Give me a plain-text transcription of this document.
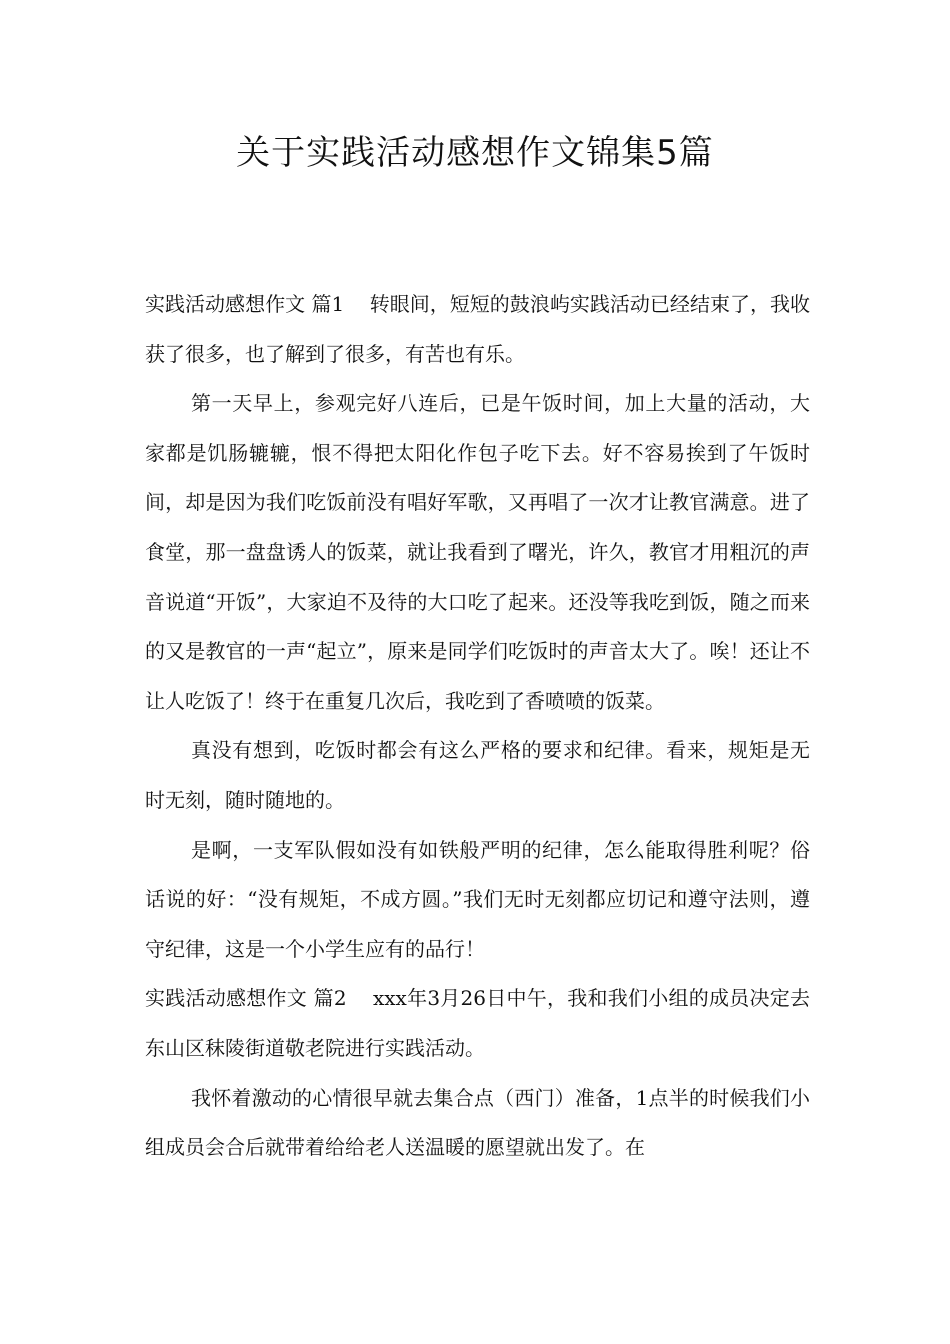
关于实践活动感想作文锦集5篇

实践活动感想作文 篇1    转眼间，短短的鼓浪屿实践活动已经结束了，我收获了很多，也了解到了很多，有苦也有乐。

第一天早上，参观完好八连后，已是午饭时间，加上大量的活动，大家都是饥肠辘辘，恨不得把太阳化作包子吃下去。好不容易挨到了午饭时间，却是因为我们吃饭前没有唱好军歌，又再唱了一次才让教官满意。进了食堂，那一盘盘诱人的饭菜，就让我看到了曙光，许久，教官才用粗沉的声音说道“开饭”，大家迫不及待的大口吃了起来。还没等我吃到饭，随之而来的又是教官的一声“起立”，原来是同学们吃饭时的声音太大了。唉！还让不让人吃饭了！终于在重复几次后，我吃到了香喷喷的饭菜。

真没有想到，吃饭时都会有这么严格的要求和纪律。看来，规矩是无时无刻，随时随地的。

是啊，一支军队假如没有如铁般严明的纪律，怎么能取得胜利呢？俗话说的好：“没有规矩，不成方圆。”我们无时无刻都应切记和遵守法则，遵守纪律，这是一个小学生应有的品行！

实践活动感想作文 篇2    xxx年3月26日中午，我和我们小组的成员决定去东山区秣陵街道敬老院进行实践活动。

我怀着激动的心情很早就去集合点（西门）准备，1点半的时候我们小组成员会合后就带着给给老人送温暖的愿望就出发了。在
